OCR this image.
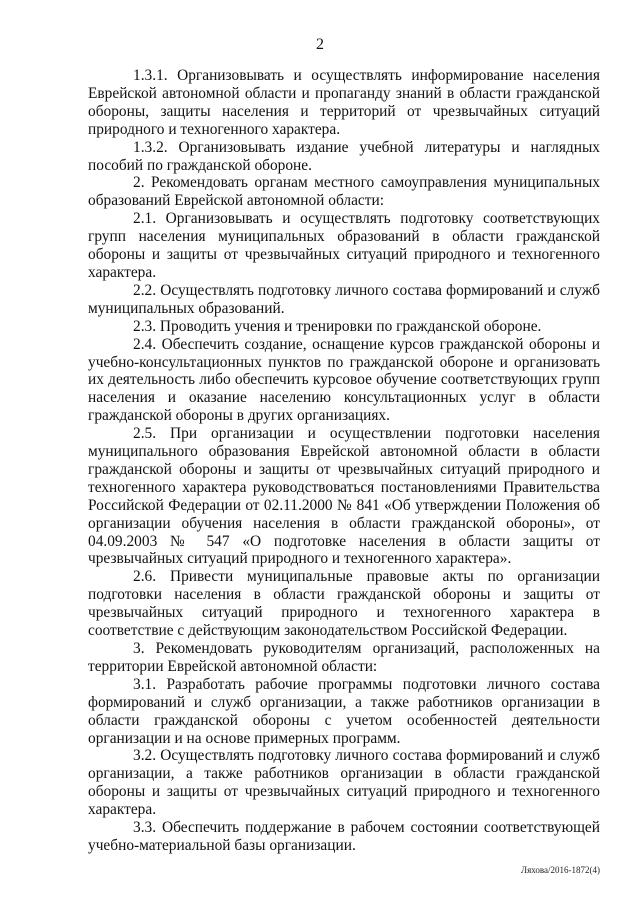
2

1.3.1. Организовывать и осуществлять информирование населения Еврейской автономной области и пропаганду знаний в области гражданской обороны, защиты населения и территорий от чрезвычайных ситуаций природного и техногенного характера.

1.3.2. Организовывать издание учебной литературы и наглядных пособий по гражданской обороне.

2. Рекомендовать органам местного самоуправления муниципальных образований Еврейской автономной области:

2.1. Организовывать и осуществлять подготовку соответствующих групп населения муниципальных образований в области гражданской обороны и защиты от чрезвычайных ситуаций природного и техногенного характера.

2.2. Осуществлять подготовку личного состава формирований и служб муниципальных образований.

2.3. Проводить учения и тренировки по гражданской обороне.

2.4. Обеспечить создание, оснащение курсов гражданской обороны и учебно-консультационных пунктов по гражданской обороне и организовать их деятельность либо обеспечить курсовое обучение соответствующих групп населения и оказание населению консультационных услуг в области гражданской обороны в других организациях.

2.5. При организации и осуществлении подготовки населения муниципального образования Еврейской автономной области в области гражданской обороны и защиты от чрезвычайных ситуаций природного и техногенного характера руководствоваться постановлениями Правительства Российской Федерации от 02.11.2000 № 841 «Об утверждении Положения об организации обучения населения в области гражданской обороны», от 04.09.2003 № 547 «О подготовке населения в области защиты от чрезвычайных ситуаций природного и техногенного характера».

2.6. Привести муниципальные правовые акты по организации подготовки населения в области гражданской обороны и защиты от чрезвычайных ситуаций природного и техногенного характера в соответствие с действующим законодательством Российской Федерации.

3. Рекомендовать руководителям организаций, расположенных на территории Еврейской автономной области:

3.1. Разработать рабочие программы подготовки личного состава формирований и служб организации, а также работников организации в области гражданской обороны с учетом особенностей деятельности организации и на основе примерных программ.

3.2. Осуществлять подготовку личного состава формирований и служб организации, а также работников организации в области гражданской обороны и защиты от чрезвычайных ситуаций природного и техногенного характера.

3.3. Обеспечить поддержание в рабочем состоянии соответствующей учебно-материальной базы организации.

Ляхова/2016-1872(4)
